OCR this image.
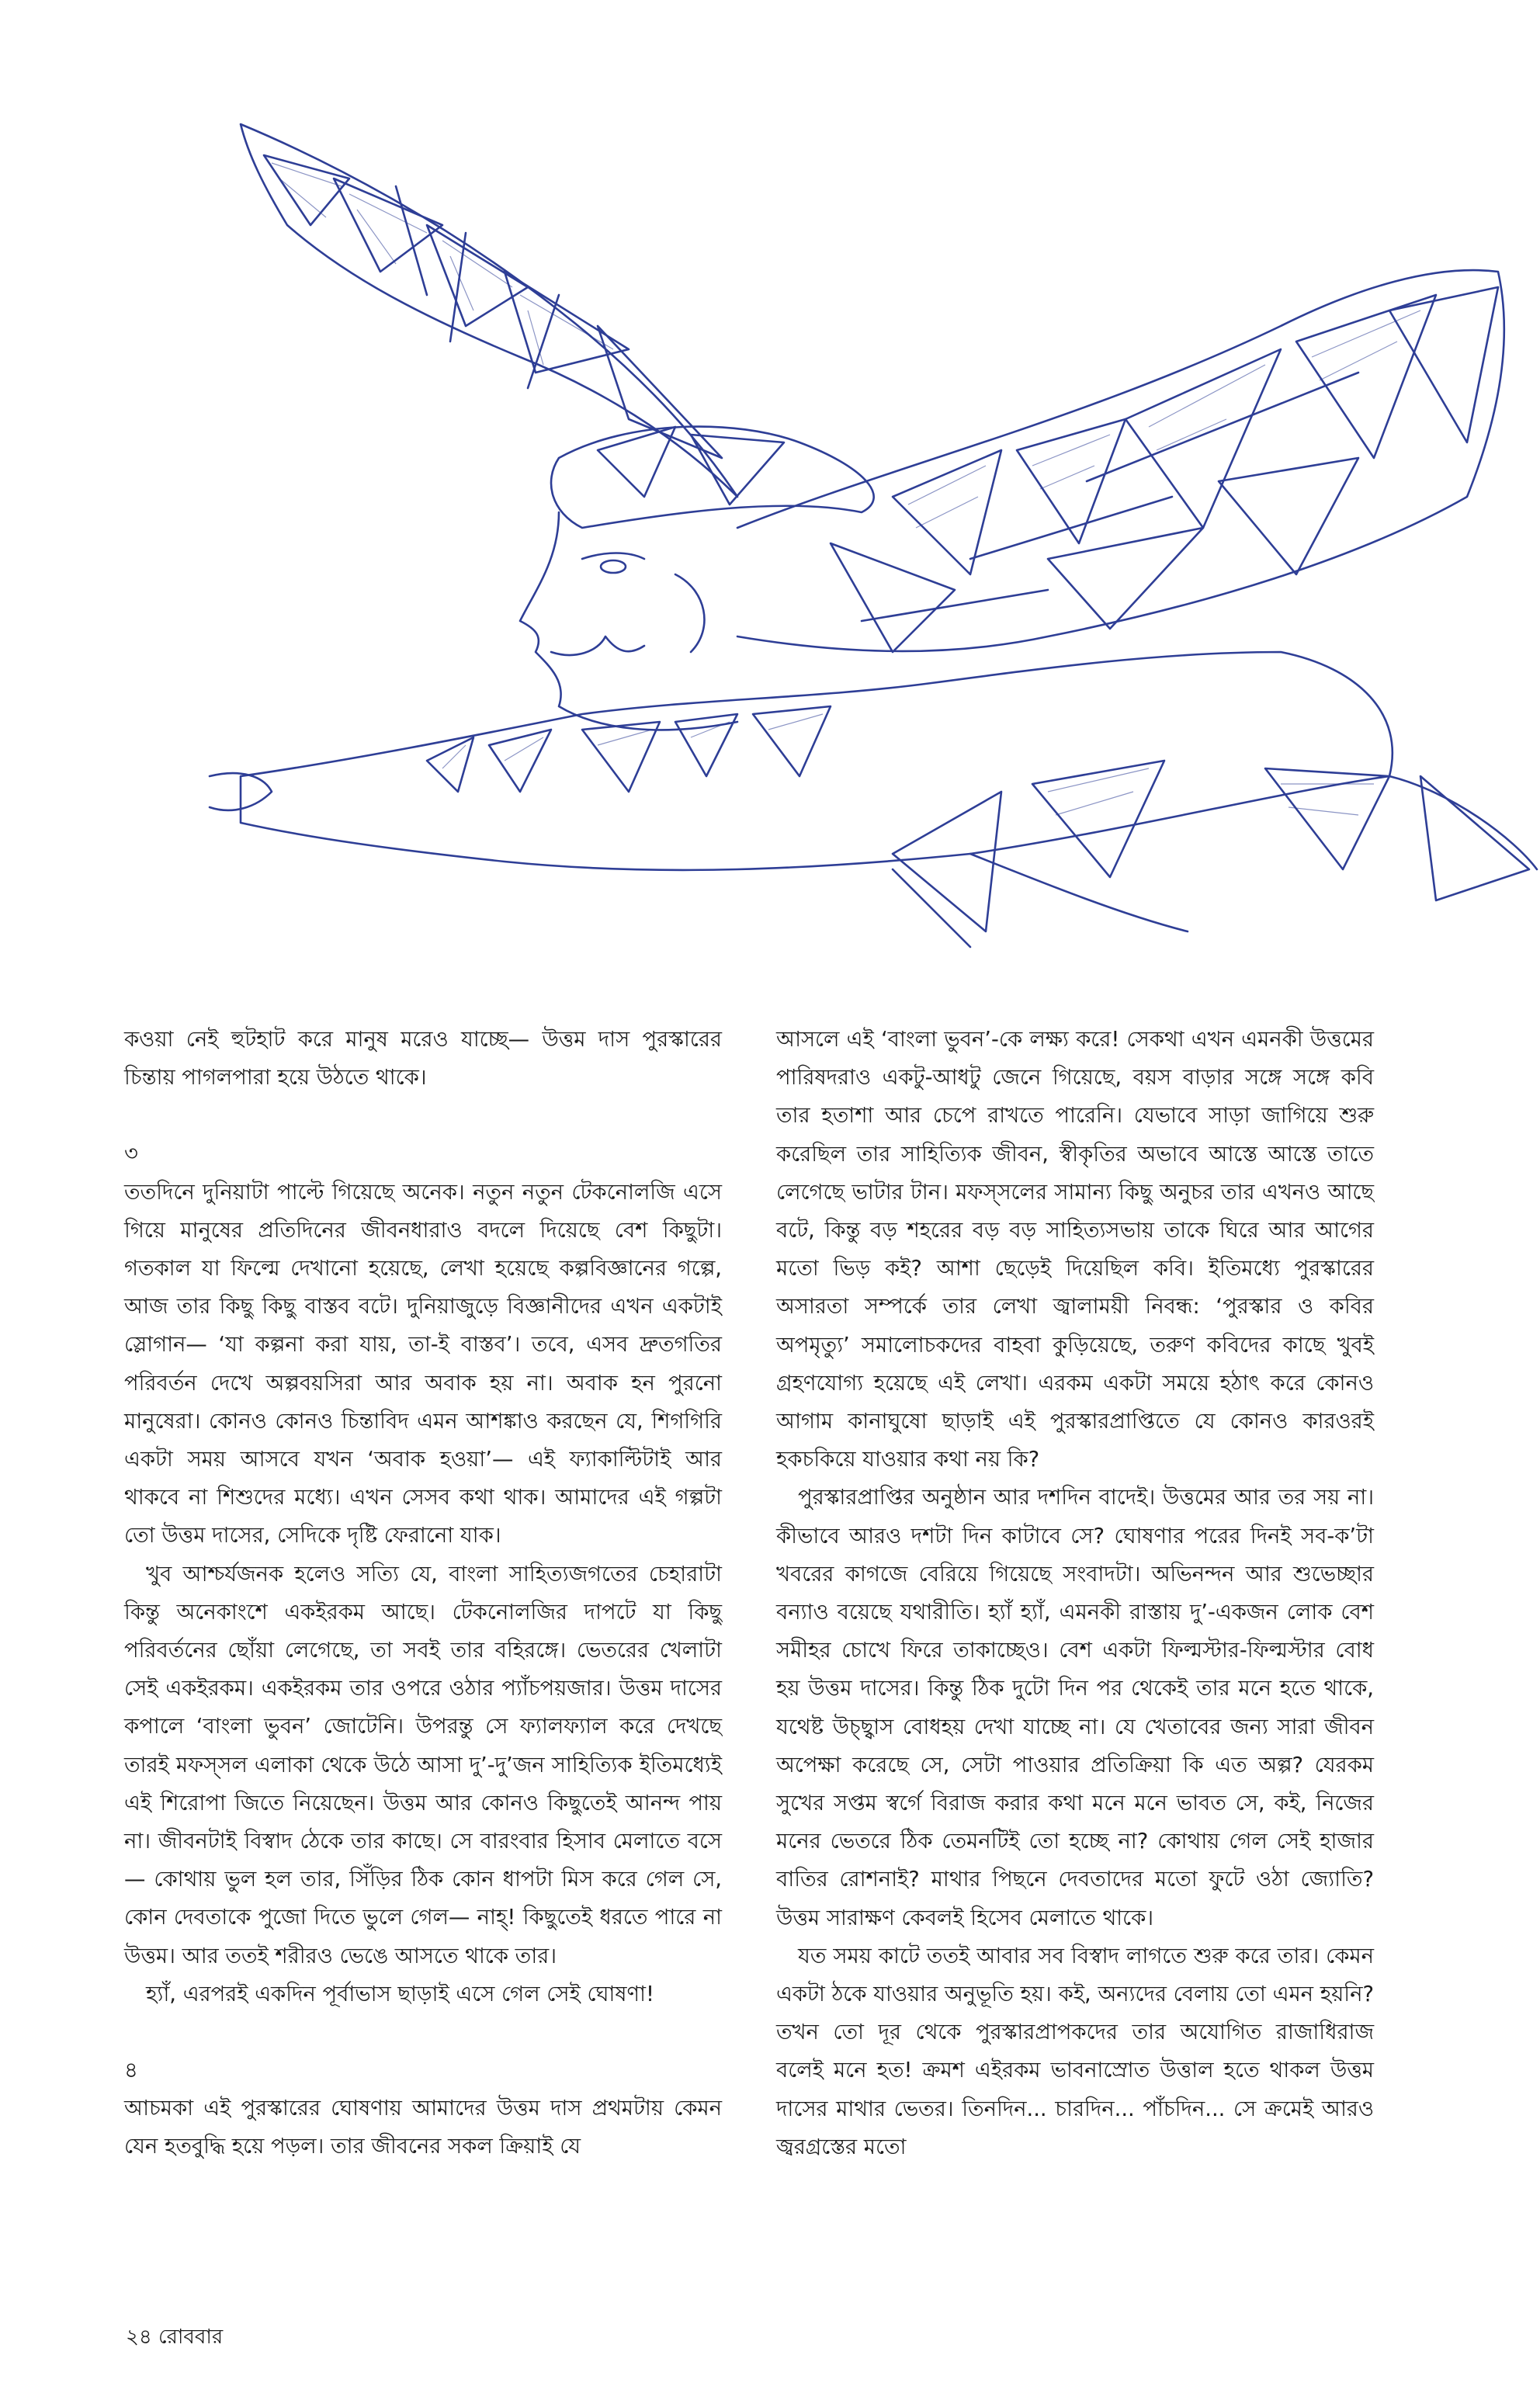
কওয়া নেই হুটহাট করে মানুষ মরেও যাচ্ছে— উত্তম দাস পুরস্কারের চিন্তায় পাগলপারা হয়ে উঠতে থাকে।

৩

ততদিনে দুনিয়াটা পাল্টে গিয়েছে অনেক। নতুন নতুন টেকনোলজি এসে গিয়ে মানুষের প্রতিদিনের জীবনধারাও বদলে দিয়েছে বেশ কিছুটা। গতকাল যা ফিল্মে দেখানো হয়েছে, লেখা হয়েছে কল্পবিজ্ঞানের গল্পে, আজ তার কিছু কিছু বাস্তব বটে। দুনিয়াজুড়ে বিজ্ঞানীদের এখন একটাই স্লোগান— ‘যা কল্পনা করা যায়, তা-ই বাস্তব’। তবে, এসব দ্রুতগতির পরিবর্তন দেখে অল্পবয়সিরা আর অবাক হয় না। অবাক হন পুরনো মানুষেরা। কোনও কোনও চিন্তাবিদ এমন আশঙ্কাও করছেন যে, শিগগিরি একটা সময় আসবে যখন ‘অবাক হওয়া’— এই ফ্যাকাল্টিটাই আর থাকবে না শিশুদের মধ্যে। এখন সেসব কথা থাক। আমাদের এই গল্পটা তো উত্তম দাসের, সেদিকে দৃষ্টি ফেরানো যাক।

খুব আশ্চর্যজনক হলেও সত্যি যে, বাংলা সাহিত্যজগতের চেহারাটা কিন্তু অনেকাংশে একইরকম আছে। টেকনোলজির দাপটে যা কিছু পরিবর্তনের ছোঁয়া লেগেছে, তা সবই তার বহিরঙ্গে। ভেতরের খেলাটা সেই একইরকম। একইরকম তার ওপরে ওঠার প্যাঁচপয়জার। উত্তম দাসের কপালে ‘বাংলা ভুবন’ জোটেনি। উপরন্তু সে ফ্যালফ্যাল করে দেখছে তারই মফস্‌সল এলাকা থেকে উঠে আসা দু’-দু’জন সাহিত্যিক ইতিমধ্যেই এই শিরোপা জিতে নিয়েছেন। উত্তম আর কোনও কিছুতেই আনন্দ পায় না। জীবনটাই বিস্বাদ ঠেকে তার কাছে। সে বারংবার হিসাব মেলাতে বসে— কোথায় ভুল হল তার, সিঁড়ির ঠিক কোন ধাপটা মিস করে গেল সে, কোন দেবতাকে পুজো দিতে ভুলে গেল— নাহ্‌! কিছুতেই ধরতে পারে না উত্তম। আর ততই শরীরও ভেঙে আসতে থাকে তার।

হ্যাঁ, এরপরই একদিন পূর্বাভাস ছাড়াই এসে গেল সেই ঘোষণা!

৪

আচমকা এই পুরস্কারের ঘোষণায় আমাদের উত্তম দাস প্রথমটায় কেমন যেন হতবুদ্ধি হয়ে পড়ল। তার জীবনের সকল ক্রিয়াই যে

আসলে এই ‘বাংলা ভুবন’-কে লক্ষ্য করে! সেকথা এখন এমনকী উত্তমের পারিষদরাও একটু-আধটু জেনে গিয়েছে, বয়স বাড়ার সঙ্গে সঙ্গে কবি তার হতাশা আর চেপে রাখতে পারেনি। যেভাবে সাড়া জাগিয়ে শুরু করেছিল তার সাহিত্যিক জীবন, স্বীকৃতির অভাবে আস্তে আস্তে তাতে লেগেছে ভাটার টান। মফস্‌সলের সামান্য কিছু অনুচর তার এখনও আছে বটে, কিন্তু বড় শহরের বড় বড় সাহিত্যসভায় তাকে ঘিরে আর আগের মতো ভিড় কই? আশা ছেড়েই দিয়েছিল কবি। ইতিমধ্যে পুরস্কারের অসারতা সম্পর্কে তার লেখা জ্বালাময়ী নিবন্ধ: ‘পুরস্কার ও কবির অপমৃত্যু’ সমালোচকদের বাহবা কুড়িয়েছে, তরুণ কবিদের কাছে খুবই গ্রহণযোগ্য হয়েছে এই লেখা। এরকম একটা সময়ে হঠাৎ করে কোনও আগাম কানাঘুষো ছাড়াই এই পুরস্কারপ্রাপ্তিতে যে কোনও কারওরই হকচকিয়ে যাওয়ার কথা নয় কি?

পুরস্কারপ্রাপ্তির অনুষ্ঠান আর দশদিন বাদেই। উত্তমের আর তর সয় না। কীভাবে আরও দশটা দিন কাটাবে সে? ঘোষণার পরের দিনই সব-ক’টা খবরের কাগজে বেরিয়ে গিয়েছে সংবাদটা। অভিনন্দন আর শুভেচ্ছার বন্যাও বয়েছে যথারীতি। হ্যাঁ হ্যাঁ, এমনকী রাস্তায় দু’-একজন লোক বেশ সমীহর চোখে ফিরে তাকাচ্ছেও। বেশ একটা ফিল্মস্টার-ফিল্মস্টার বোধ হয় উত্তম দাসের। কিন্তু ঠিক দুটো দিন পর থেকেই তার মনে হতে থাকে, যথেষ্ট উচ্ছ্বাস বোধহয় দেখা যাচ্ছে না। যে খেতাবের জন্য সারা জীবন অপেক্ষা করেছে সে, সেটা পাওয়ার প্রতিক্রিয়া কি এত অল্প? যেরকম সুখের সপ্তম স্বর্গে বিরাজ করার কথা মনে মনে ভাবত সে, কই, নিজের মনের ভেতরে ঠিক তেমনটিই তো হচ্ছে না? কোথায় গেল সেই হাজার বাতির রোশনাই? মাথার পিছনে দেবতাদের মতো ফুটে ওঠা জ্যোতি? উত্তম সারাক্ষণ কেবলই হিসেব মেলাতে থাকে।

যত সময় কাটে ততই আবার সব বিস্বাদ লাগতে শুরু করে তার। কেমন একটা ঠকে যাওয়ার অনুভূতি হয়। কই, অন্যদের বেলায় তো এমন হয়নি? তখন তো দূর থেকে পুরস্কারপ্রাপকদের তার অযোগিত রাজাধিরাজ বলেই মনে হত! ক্রমশ এইরকম ভাবনাস্রোত উত্তাল হতে থাকল উত্তম দাসের মাথার ভেতর। তিনদিন... চারদিন... পাঁচদিন... সে ক্রমেই আরও জ্বরগ্রস্তের মতো

২৪ রোববার
